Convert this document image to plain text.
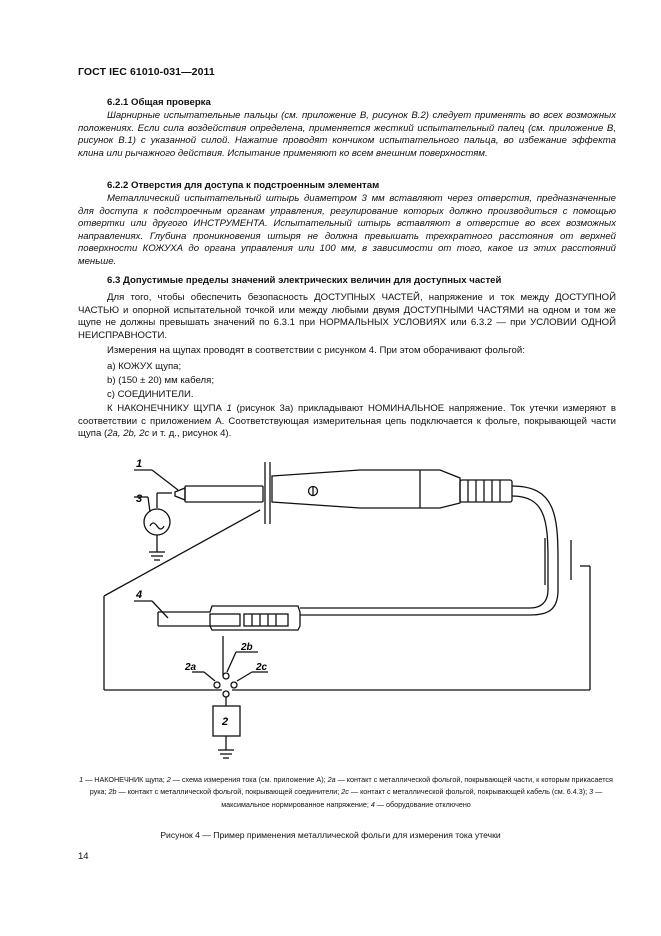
ГОСТ IEC 61010-031—2011
6.2.1 Общая проверка
Шарнирные испытательные пальцы (см. приложение В, рисунок В.2) следует применять во всех возможных положениях. Если сила воздействия определена, применяется жесткий испытательный палец (см. приложение В, рисунок В.1) с указанной силой. Нажатие проводят кончиком испытательного пальца, во избежание эффекта клина или рычажного действия. Испытание применяют ко всем внешним поверхностям.
6.2.2 Отверстия для доступа к подстроенным элементам
Металлический испытательный штырь диаметром 3 мм вставляют через отверстия, предназначенные для доступа к подстроечным органам управления, регулирование которых должно производиться с помощью отвертки или другого ИНСТРУМЕНТА. Испытательный штырь вставляют в отверстие во всех возможных направлениях. Глубина проникновения штыря не должна превышать трехкратного расстояния от верхней поверхности КОЖУХА до органа управления или 100 мм, в зависимости от того, какое из этих расстояний меньше.
6.3 Допустимые пределы значений электрических величин для доступных частей
Для того, чтобы обеспечить безопасность ДОСТУПНЫХ ЧАСТЕЙ, напряжение и ток между ДОСТУПНОЙ ЧАСТЬЮ и опорной испытательной точкой или между любыми двумя ДОСТУПНЫМИ ЧАСТЯМИ на одном и том же щупе не должны превышать значений по 6.3.1 при НОРМАЛЬНЫХ УСЛОВИЯХ или 6.3.2 — при УСЛОВИИ ОДНОЙ НЕИСПРАВНОСТИ.
Измерения на щупах проводят в соответствии с рисунком 4. При этом оборачивают фольгой:
a) КОЖУХ щупа;
b) (150 ± 20) мм кабеля;
c) СОЕДИНИТЕЛИ.
К НАКОНЕЧНИКУ ЩУПА 1 (рисунок 3а) прикладывают НОМИНАЛЬНОЕ напряжение. Ток утечки измеряют в соответствии с приложением А. Соответствующая измерительная цепь подключается к фольге, покрывающей части щупа (2а, 2b, 2с и т. д., рисунок 4).
1
3
4
2b
2a	2c
2
1 — НАКОНЕЧНИК щупа; 2 — схема измерения тока (см. приложение А); 2а — контакт с металлической фольгой, покрывающей части, к которым прикасается рука; 2b — контакт с металлической фольгой, покрывающей соединители; 2с — контакт с металлической фольгой, покрывающей кабель (см. 6.4.3); 3 — максимальное нормированное напряжение; 4 — оборудование отключено
Рисунок 4 — Пример применения металлической фольги для измерения тока утечки
14
